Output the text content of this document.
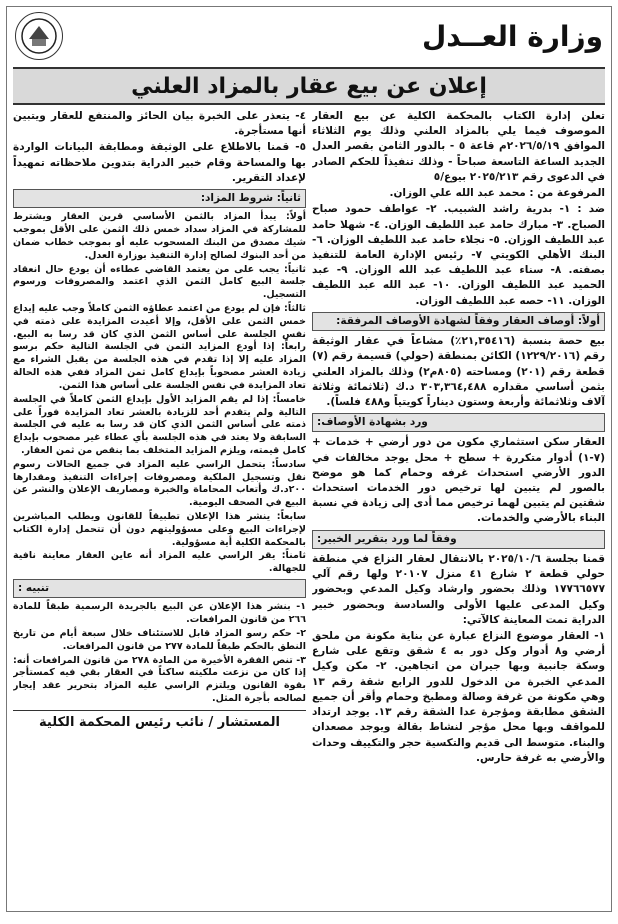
وزارة العــدل
إعلان عن بيع عقار بالمزاد العلني

تعلن إدارة الكتاب بالمحكمة الكلية عن بيع العقار الموصوف فيما يلي بالمزاد العلني وذلك يوم الثلاثاء الموافق ٢٠٢٦/٥/١٩م قاعة ٥ - بالدور الثامن بقصر العدل الجديد الساعة التاسعة صباحاً - وذلك تنفيذاً للحكم الصادر في الدعوى رقم ٢٠٢٥/٢١٣ بيوع/٥

المرفوعة من : محمد عبد الله علي الوزان.

ضد : ١- بدرية راشد الشبيب. ٢- عواطف حمود صباح الصباح. ٣- مبارك حامد عبد اللطيف الوزان. ٤- شهلا حامد عبد اللطيف الوزان. ٥- نجلاء حامد عبد اللطيف الوزان. ٦- البنك الأهلي الكويتي ٧- رئيس الإدارة العامة للتنفيذ بصفته. ٨- سناء عبد اللطيف عبد الله الوزان. ٩- عبد الحميد عبد اللطيف الوزان. ١٠- عبد الله عبد اللطيف الوزان. ١١- حصه عبد اللطيف الوزان.

أولاً: أوصاف العقار وفقاً لشهادة الأوصاف المرفقة:

بيع حصة بنسبة (٢١,٣٥٤١٦٪) مشاعاً في عقار الوثيقة رقم (١٢٢٩/٢٠١٦) الكائن بمنطقة (حولي) قسيمة رقم (٧) قطعة رقم (٢٠١) ومساحته (٨٠٥م٢) وذلك بالمزاد العلني بثمن أساسي مقداره ٣٠٣,٣٦٤,٤٨٨ د.ك (ثلاثمائة وثلاثة آلاف وثلاثمائة وأربعة وستون ديناراً كويتياً و٤٨٨ فلساً).

ورد بشهادة الأوصاف:

العقار سكن استثماري مكون من دور أرضي + خدمات + (٧-١) أدوار متكررة + سطح + محل يوجد مخالفات في الدور الأرضي استحداث غرفه وحمام كما هو موضح بالصور لم يتبين لها ترخيص دور الخدمات استحداث شقتين لم يتبين لهما ترخيص مما أدى إلى زيادة في نسبة البناء بالأرضي والخدمات.

وفقاً لما ورد بتقرير الخبير:

قمنا بجلسة ٢٠٢٥/١٠/٦ بالانتقال لعقار النزاع في منطقة حولي قطعة ٢ شارع ٤١ منزل ٢٠١٠٧ ولها رقم آلي ١٧٧٦٦٥٧٧ وذلك بحضور وارشاد وكيل المدعي وبحضور وكيل المدعى عليها الأولى والسادسة وبحضور خبير الدراية تمت المعاينة كالآتي:

١- العقار موضوع النزاع عبارة عن بناية مكونة من ملحق أرضي و٨ أدوار وكل دور به ٤ شقق وتقع على شارع وسكة جانبية وبها جيران من اتجاهين. ٢- مكن وكيل المدعي الخبرة من الدخول للدور الرابع شقة رقم ١٣ وهي مكونة من غرفة وصالة ومطبخ وحمام وأقر أن جميع الشقق مطابقة ومؤجرة عدا الشقة رقم ١٣. يوجد ارتداد للمواقف وبها محل مؤجر لنشاط بقالة ويوجد مصعدان والبناء. متوسط الى قديم والتكسية حجر والتكييف وحدات والأرضي به غرفة حارس.

٤- يتعذر على الخبرة بيان الحائز والمنتفع للعقار ويتبين أنها مستأجرة.

٥- قمنا بالاطلاع على الوثيقة ومطابقة البيانات الواردة بها والمساحة وقام خبير الدراية بتدوين ملاحظاته تمهيداً لإعداد التقرير.

ثانياً: شروط المزاد:

أولاً: يبدأ المزاد بالثمن الأساسي قرين العقار ويشترط للمشاركة في المزاد سداد خمس ذلك الثمن على الأقل بموجب شيك مصدق من البنك المسحوب عليه أو بموجب خطاب ضمان من أحد البنوك لصالح إدارة التنفيذ بوزارة العدل.

ثانياً: يجب على من يعتمد القاضي عطاءه أن يودع حال انعقاد جلسة البيع كامل الثمن الذي اعتمد والمصروفات ورسوم التسجيل.

ثالثاً: فإن لم يودع من اعتمد عطاؤه الثمن كاملاً وجب عليه إيداع خمس الثمن على الأقل، وإلا أعيدت المزايدة على ذمته في نفس الجلسة على أساس الثمن الذي كان قد رسا به البيع. رابعاً: إذا أودع المزايد الثمن في الجلسة التالية حكم برسو المزاد عليه إلا إذا تقدم في هذه الجلسة من يقبل الشراء مع زيادة العشر مصحوباً بإيداع كامل ثمن المزاد ففي هذه الحالة تعاد المزايدة في نفس الجلسة على أساس هذا الثمن.

خامساً: إذا لم يقم المزايد الأول بإيداع الثمن كاملاً في الجلسة التالية ولم يتقدم أحد للزيادة بالعشر تعاد المزايدة فوراً على ذمته على أساس الثمن الذي كان قد رسا به عليه في الجلسة السابقة ولا يعتد في هذه الجلسة بأي عطاء غير مصحوب بإيداع كامل قيمته، ويلزم المزايد المتخلف بما ينقص من ثمن العقار.

سادساً: يتحمل الراسي عليه المزاد في جميع الحالات رسوم نقل وتسجيل الملكية ومصروفات إجراءات التنفيذ ومقدارها ٢٠٠د.ك وأتعاب المحاماة والخبرة ومصاريف الإعلان والنشر عن البيع في الصحف اليومية.

سابعاً: ينشر هذا الإعلان تطبيقاً للقانون ويطلب المباشرين لإجراءات البيع وعلى مسؤوليتهم دون أن تتحمل إدارة الكتاب بالمحكمة الكلية أية مسؤولية.

ثامناً: يقر الراسي عليه المزاد أنه عاين العقار معاينة نافية للجهالة.

تنبيه :

١- بنشر هذا الإعلان عن البيع بالجريدة الرسمية طبقاً للمادة ٢٦٦ من قانون المرافعات.

٢- حكم رسو المزاد قابل للاستئناف خلال سبعة أيام من تاريخ النطق بالحكم طبقاً للمادة ٢٧٧ من قانون المرافعات.

٣- تنص الفقرة الأخيرة من المادة ٢٧٨ من قانون المرافعات أنه: إذا كان من نزعت ملكيته ساكناً في العقار بقي فيه كمستأجر بقوة القانون ويلتزم الراسي عليه المزاد بتحرير عقد إيجار لصالحه بأجرة المثل.

المستشار / نائب رئيس المحكمة الكلية
